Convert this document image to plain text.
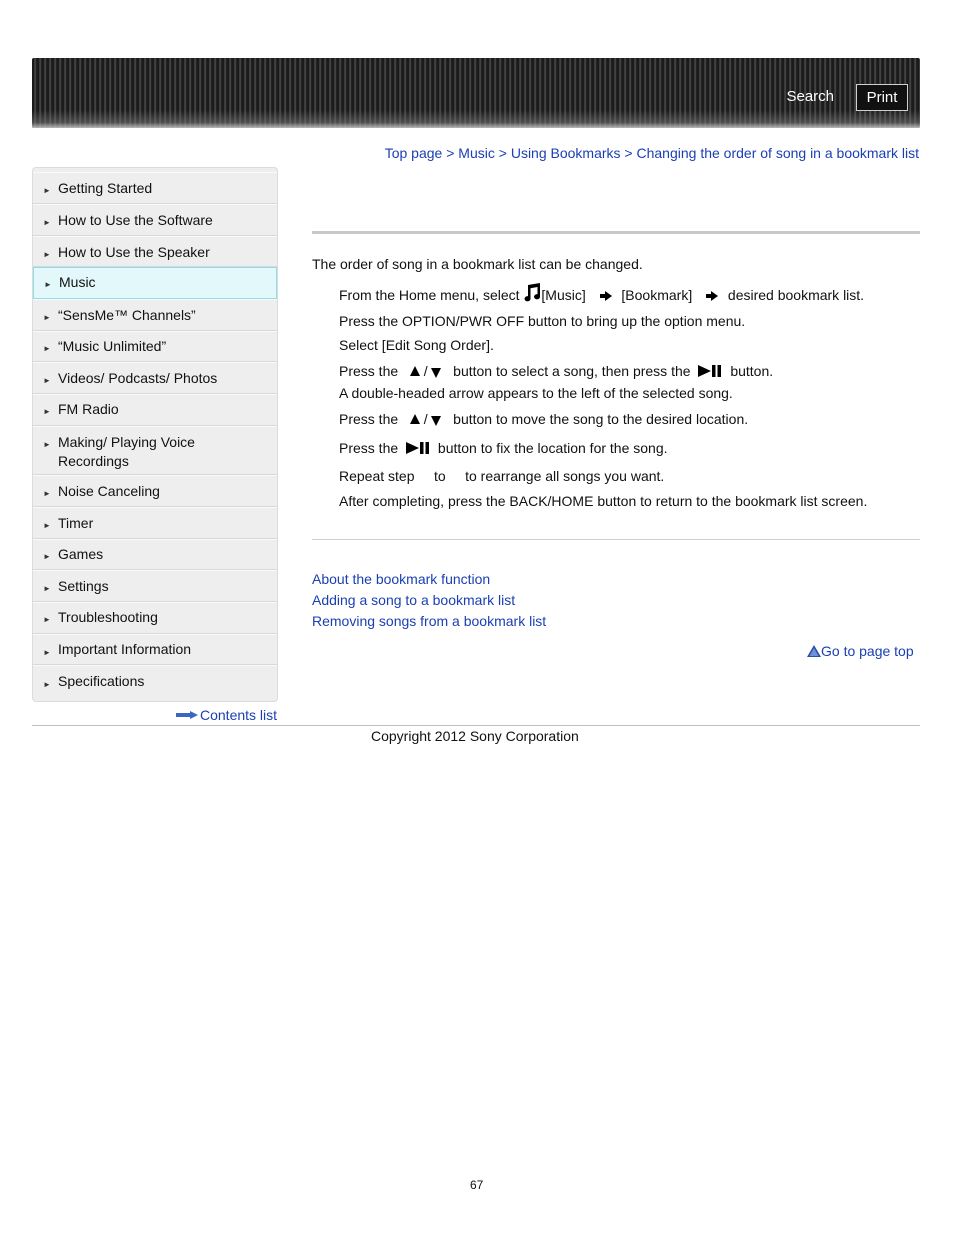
Search	Print
Top page > Music > Using Bookmarks > Changing the order of song in a bookmark list
► Getting Started
► How to Use the Software
► How to Use the Speaker
► Music
► “SensMe™ Channels”
► “Music Unlimited”
► Videos/ Podcasts/ Photos
► FM Radio
► Making/ Playing Voice
Recordings
► Noise Canceling
► Timer
► Games
► Settings
► Troubleshooting
► Important Information
► Specifications
Contents list
The order of song in a bookmark list can be changed.
From the Home menu, select [Music]	[Bookmark]	desired bookmark list.
Press the OPTION/PWR OFF button to bring up the option menu.
Select [Edit Song Order].
Press the / button to select a song, then press the	button.
A double-headed arrow appears to the left of the selected song.
Press the / button to move the song to the desired location.
Press the	button to fix the location for the song.
Repeat step to to rearrange all songs you want.
After completing, press the BACK/HOME button to return to the bookmark list screen.
About the bookmark function
Adding a song to a bookmark list
Removing songs from a bookmark list
Go to page top
Copyright 2012 Sony Corporation
67
